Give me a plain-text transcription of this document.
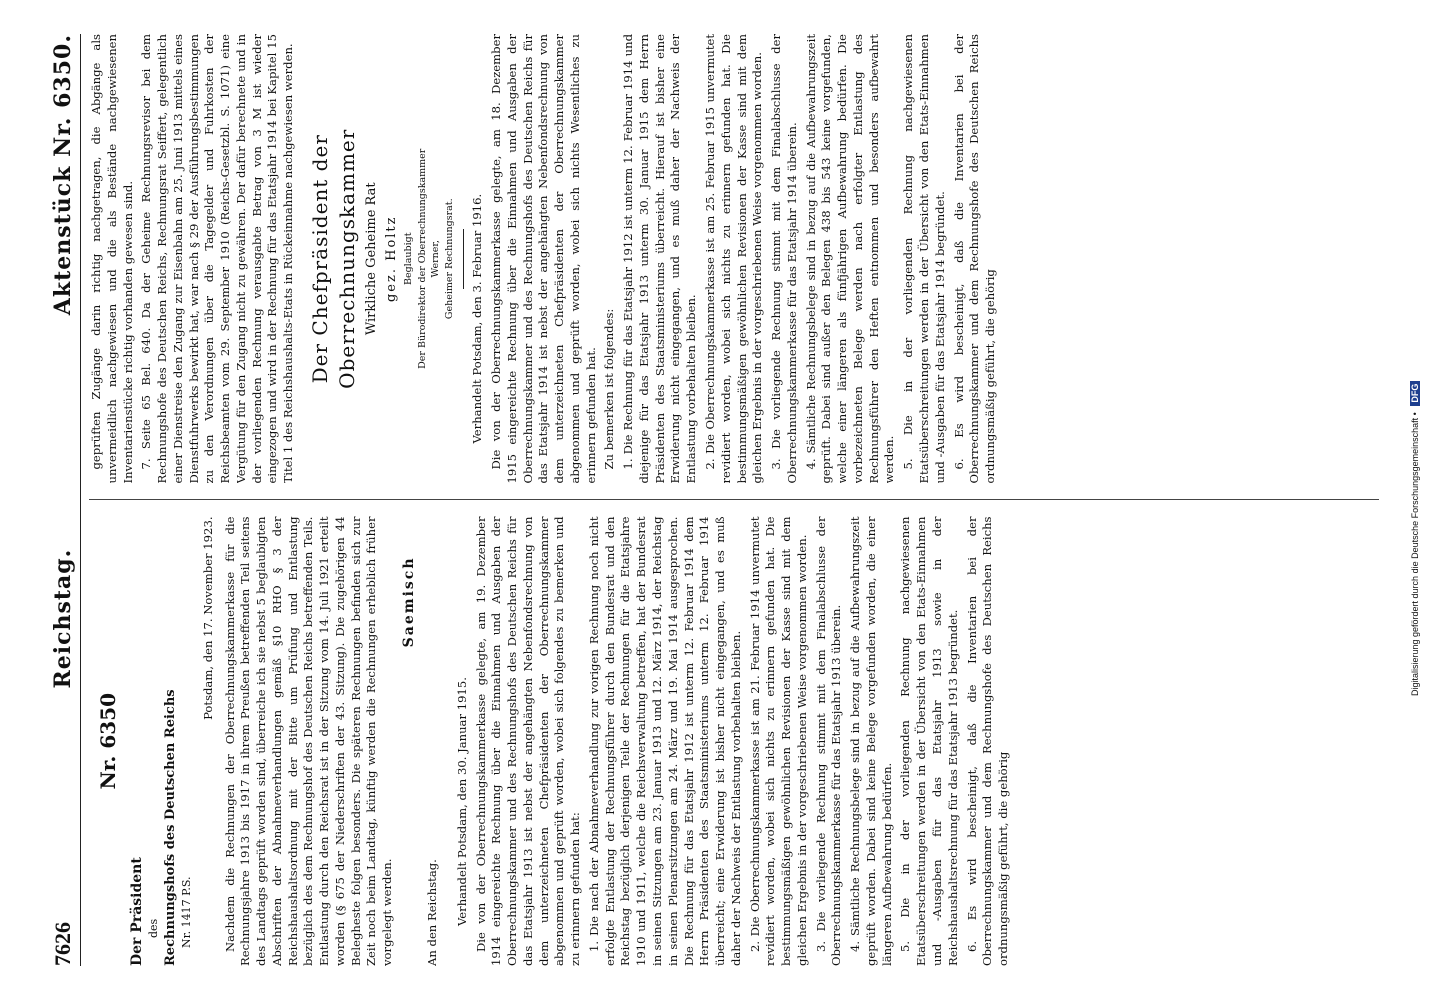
7626
Reichstag.
Aktenstück Nr. 6350.
Nr. 6350
Der Präsident des Rechnungshofs des Deutschen Reichs Nr. 1417 P.S.
Potsdam, den 17. November 1923. Nachdem die Rechnungen der Oberrechnungskammerkasse für die Rechnungsjahre 1913 bis 1917 in ihrem Preußen betreffenden Teil seitens des Landtags geprüft worden sind, überreiche ich sie nebst 5 beglaubigten Abschriften der Abnahmeverhandlungen gemäß §10 RHO § 3 der Reichshaushaltsordnung mit der Bitte um Prüfung und Entlastung bezüglich des dem Rechnungshof des Deutschen Reichs betreffenden Teils. Entlastung durch den Reichsrat ist in der Sitzung vom 14. Juli 1921 erteilt worden (§ 675 der Niederschriften der 43. Sitzung). Die zugehörigen 44 Belegheste folgen besonders. Die späteren Rechnungen befinden sich zur Zeit noch beim Landtag, künftig werden die Rechnungen erheblich früher vorgelegt werden.

Saemisch
An den Reichstag. Verhandelt Potsdam, den 30. Januar 1915. Die von der Oberrechnungskammerkasse gelegte, am 19. Dezember 1914 eingereichte Rechnung über die Einnahmen und Ausgaben der Oberrechnungskammer und des Rechnungshofs des Deutschen Reichs für das Etatsjahr 1913 ist nebst der angehängten Nebenfondsrechnung von dem unterzeichneten Chefpräsidenten der Oberrechnungskammer abgenommen und geprüft worden, wobei sich folgendes zu bemerken und zu erinnern gefunden hat: 1. Die nach der Abnahmeverhandlung zur vorigen Rechnung noch nicht erfolgte Entlastung der Rechnungsführer durch den Bundesrat und den Reichstag bezüglich derjenigen Teile der Rechnungen für die Etatsjahre 1910 und 1911, welche die Reichsverwaltung betreffen, hat der Bundesrat in seinen Sitzungen am 23. Januar 1913 und 12. März 1914, der Reichstag in seinen Plenarsitzungen am 24. März und 19. Mai 1914 ausgesprochen. Die Rechnung für das Etatsjahr 1912 ist unterm 12. Februar 1914 dem Herrn Präsidenten des Staatsministeriums unterm 12. Februar 1914 überreicht; eine Erwiderung ist bisher nicht eingegangen, und es muß daher der Nachweis der Entlastung vorbehalten bleiben. 2. Die Oberrechnungskammerkasse ist am 21. Februar 1914 unvermutet revidiert worden, wobei sich nichts zu erinnern gefunden hat. Die bestimmungsmäßigen gewöhnlichen Revisionen der Kasse sind mit dem gleichen Ergebnis in der vorgeschriebenen Weise vorgenommen worden. 3. Die vorliegende Rechnung stimmt mit dem Finalabschlusse der Oberrechnungskammerkasse für das Etatsjahr 1913 überein. 4. Sämtliche Rechnungsbelege sind in bezug auf die Aufbewahrungszeit geprüft worden. Dabei sind keine Belege vorgefunden worden, die einer längeren Aufbewahrung bedürfen. 5. Die in der vorliegenden Rechnung nachgewiesenen Etatsüberschreitungen werden in der Übersicht von den Etats-Einnahmen und -Ausgaben für das Etatsjahr 1913 sowie in der Reichshaushaltsrechnung für das Etatsjahr 1913 begründet. 6. Es wird bescheinigt, daß die Inventarien bei der Oberrechnungskammer und dem Rechnungshofe des Deutschen Reichs ordnungsmäßig geführt, die gehörig

geprüften Zugänge darin richtig nachgetragen, die Abgänge als unvermeidlich nachgewiesen und die als Bestände nachgewiesenen Inventarienstücke richtig vorhanden gewesen sind. 7. Seite 65 Bel. 640. Da der Geheime Rechnungsrevisor bei dem Rechnungshofe des Deutschen Reichs, Rechnungsrat Seiffert, gelegentlich einer Dienstreise den Zugang zur Eisenbahn am 25. Juni 1913 mittels eines Dienstfuhrwerks bewirkt hat, war nach § 29 der Ausführungsbestimmungen zu den Verordnungen über die Tagegelder und Fuhrkosten der Reichsbeamten vom 29. September 1910 (Reichs-Gesetzbl. S. 1071) eine Vergütung für den Zugang nicht zu gewähren. Der dafür berechnete und in der vorliegenden Rechnung verausgabte Betrag von 3 M ist wieder eingezogen und wird in der Rechnung für das Etatsjahr 1914 bei Kapitel 15 Titel 1 des Reichshaushalts-Etats in Rückeinnahme nachgewiesen werden. Der Chefpräsident der Oberrechnungskammer Wirkliche Geheime Rat gez. Holtz Beglaubigt Der Bürodirektor der Oberrechnungskammer Werner, Geheimer Rechnungsrat. Verhandelt Potsdam, den 3. Februar 1916. Die von der Oberrechnungskammerkasse gelegte, am 18. Dezember 1915 eingereichte Rechnung über die Einnahmen und Ausgaben der Oberrechnungskammer und des Rechnungshofs des Deutschen Reichs für das Etatsjahr 1914 ist nebst der angehängten Nebenfondsrechnung von dem unterzeichneten Chefpräsidenten der Oberrechnungskammer abgenommen und geprüft worden, wobei sich nichts Wesentliches zu erinnern gefunden hat. Zu bemerken ist folgendes: 1. Die Rechnung für das Etatsjahr 1912 ist unterm 12. Februar 1914 und diejenige für das Etatsjahr 1913 unterm 30. Januar 1915 dem Herrn Präsidenten des Staatsministeriums überreicht. Hierauf ist bisher eine Erwiderung nicht eingegangen, und es muß daher der Nachweis der Entlastung vorbehalten bleiben. 2. Die Oberrechnungskammerkasse ist am 25. Februar 1915 unvermutet revidiert worden, wobei sich nichts zu erinnern gefunden hat. Die bestimmungsmäßigen gewöhnlichen Revisionen der Kasse sind mit dem gleichen Ergebnis in der vorgeschriebenen Weise vorgenommen worden. 3. Die vorliegende Rechnung stimmt mit dem Finalabschlusse der Oberrechnungskammerkasse für das Etatsjahr 1914 überein. 4. Sämtliche Rechnungsbelege sind in bezug auf die Aufbewahrungszeit geprüft. Dabei sind außer den Belegen 438 bis 543 keine vorgefunden, welche einer längeren als fünfjährigen Aufbewahrung bedürfen. Die vorbezeichneten Belege werden nach erfolgter Entlastung des Rechnungsführer den Heften entnommen und besonders aufbewahrt werden. 5. Die in der vorliegenden Rechnung nachgewiesenen Etatsüberschreitungen werden in der Übersicht von den Etats-Einnahmen und -Ausgaben für das Etatsjahr 1914 begründet. 6. Es wird bescheinigt, daß die Inventarien bei der Oberrechnungskammer und dem Rechnungshofe des Deutschen Reichs ordnungsmäßig geführt, die gehörig

Digitalisierung gefördert durch die Deutsche Forschungsgemeinschaft • DFG
